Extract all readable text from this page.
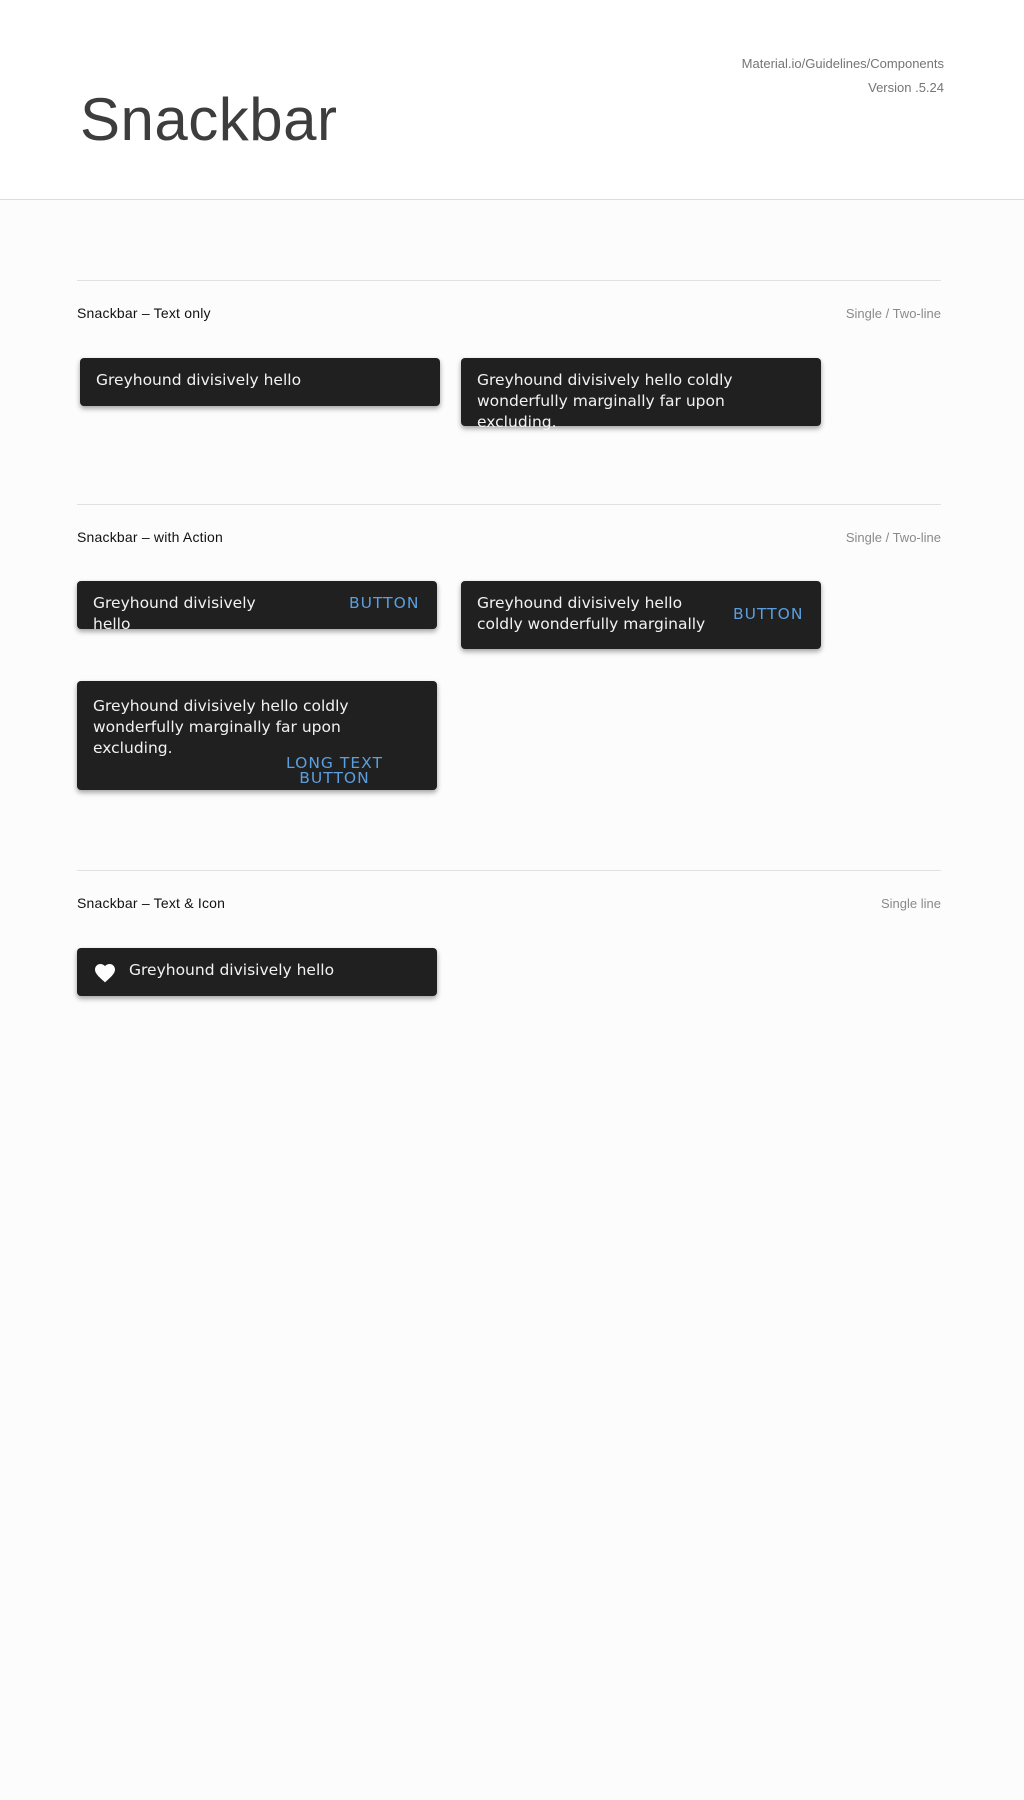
Snackbar
Material.io/Guidelines/Components
Version .5.24
Snackbar – Text only	Single / Two-line
Greyhound divisively hello	Greyhound divisively hello coldly wonderfully marginally far upon excluding.
Snackbar – with Action	Single / Two-line
Greyhound divisively hello
BUTTON	Greyhound divisively hello coldly wonderfully marginally
BUTTON
Greyhound divisively hello coldly wonderfully marginally far upon excluding.
LONG TEXT BUTTON
Snackbar – Text & Icon	Single line
Greyhound divisively hello
